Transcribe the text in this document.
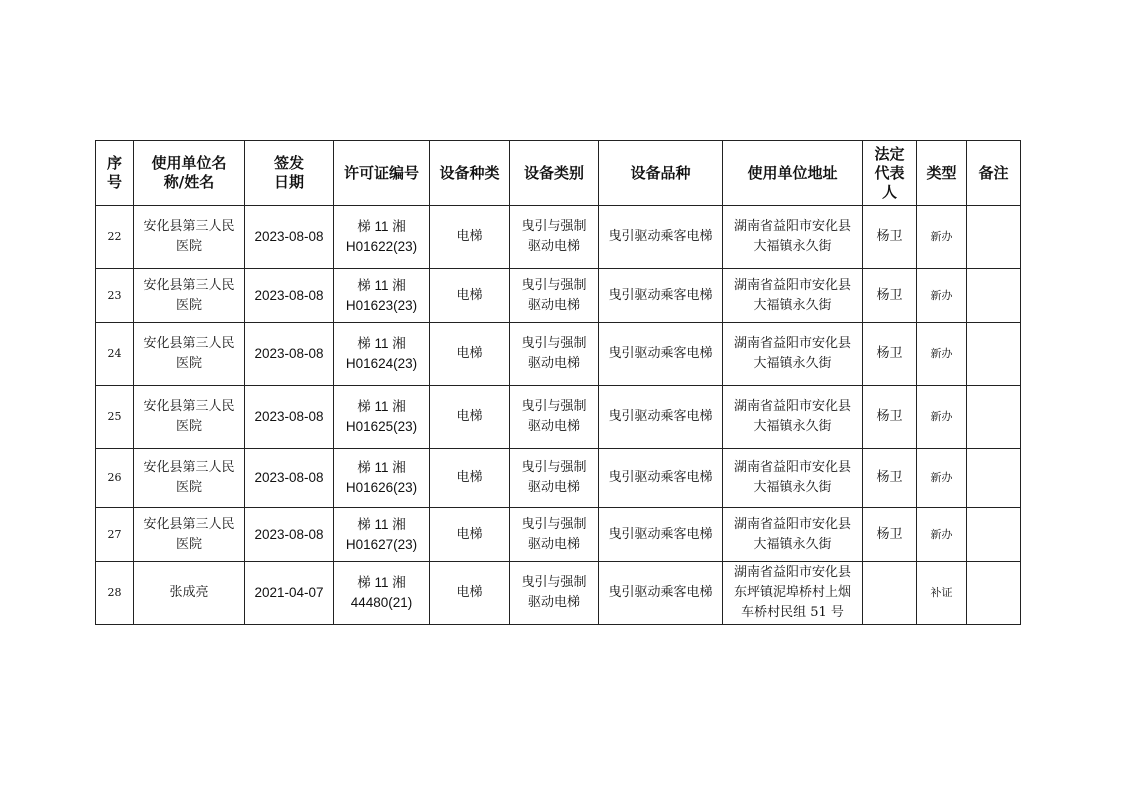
序
号	使用单位名
称/姓名	签发
日期	许可证编号	设备种类	设备类别	设备品种	使用单位地址	法定
代表
人	类型	备注

22	安化县第三人民
医院	2023-08-08	梯 11 湘
H01622(23)	电梯	曳引与强制
驱动电梯	曳引驱动乘客电梯	湖南省益阳市安化县
大福镇永久街	杨卫	新办	
23	安化县第三人民
医院	2023-08-08	梯 11 湘
H01623(23)	电梯	曳引与强制
驱动电梯	曳引驱动乘客电梯	湖南省益阳市安化县
大福镇永久街	杨卫	新办	
24	安化县第三人民
医院	2023-08-08	梯 11 湘
H01624(23)	电梯	曳引与强制
驱动电梯	曳引驱动乘客电梯	湖南省益阳市安化县
大福镇永久街	杨卫	新办	
25	安化县第三人民
医院	2023-08-08	梯 11 湘
H01625(23)	电梯	曳引与强制
驱动电梯	曳引驱动乘客电梯	湖南省益阳市安化县
大福镇永久街	杨卫	新办	
26	安化县第三人民
医院	2023-08-08	梯 11 湘
H01626(23)	电梯	曳引与强制
驱动电梯	曳引驱动乘客电梯	湖南省益阳市安化县
大福镇永久街	杨卫	新办	
27	安化县第三人民
医院	2023-08-08	梯 11 湘
H01627(23)	电梯	曳引与强制
驱动电梯	曳引驱动乘客电梯	湖南省益阳市安化县
大福镇永久街	杨卫	新办	
28	张成亮	2021-04-07	梯 11 湘
44480(21)	电梯	曳引与强制
驱动电梯	曳引驱动乘客电梯	湖南省益阳市安化县
东坪镇泥埠桥村上烟
车桥村民组 51 号		补证	
